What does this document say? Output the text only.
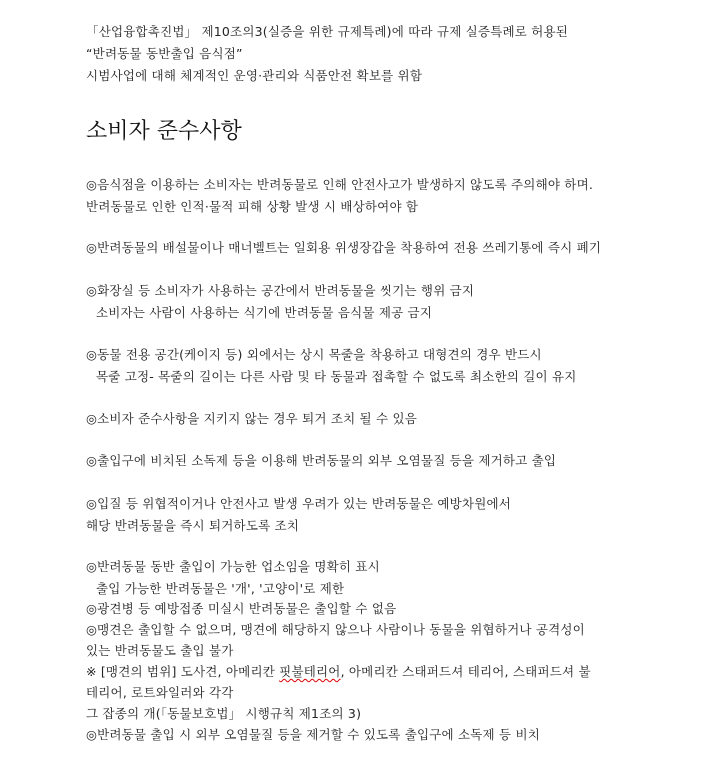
「산업융합촉진법」 제10조의3(실증을 위한 규제특례)에 따라 규제 실증특례로 허용된
“반려동물 동반출입 음식점”
시범사업에 대해 체계적인 운영·관리와 식품안전 확보를 위함
소비자 준수사항
◎음식점을 이용하는 소비자는 반려동물로 인해 안전사고가 발생하지 않도록 주의해야 하며.
반려동물로 인한 인적·물적 피해 상황 발생 시 배상하여야 함
◎반려동물의 배설물이나 매너벨트는 일회용 위생장갑을 착용하여 전용 쓰레기통에 즉시 폐기
◎화장실 등 소비자가 사용하는 공간에서 반려동물을 씻기는 행위 금지
소비자는 사람이 사용하는 식기에 반려동물 음식물 제공 금지
◎동물 전용 공간(케이지 등) 외에서는 상시 목줄을 착용하고 대형견의 경우 반드시
목줄 고정- 목줄의 길이는 다른 사람 및 타 동물과 접촉할 수 없도록 최소한의 길이 유지
◎소비자 준수사항을 지키지 않는 경우 퇴거 조치 될 수 있음
◎출입구에 비치된 소독제 등을 이용해 반려동물의 외부 오염물질 등을 제거하고 출입
◎입질 등 위협적이거나 안전사고 발생 우려가 있는 반려동물은 예방차원에서
해당 반려동물을 즉시 퇴거하도록 조치
◎반려동물 동반 출입이 가능한 업소임을 명확히 표시
출입 가능한 반려동물은 '개', '고양이'로 제한
◎광견병 등 예방접종 미실시 반려동물은 출입할 수 없음
◎맹견은 출입할 수 없으며, 맹견에 해당하지 않으나 사람이나 동물을 위협하거나 공격성이
있는 반려동물도 출입 불가
※ [맹견의 범위] 도사견, 아메리칸 핏불테리어, 아메리칸 스태퍼드셔 테리어, 스태퍼드셔 불
테리어, 로트와일러와 각각
그 잡종의 개(「동물보호법」 시행규칙 제1조의 3)
◎반려동물 출입 시 외부 오염물질 등을 제거할 수 있도록 출입구에 소독제 등 비치
